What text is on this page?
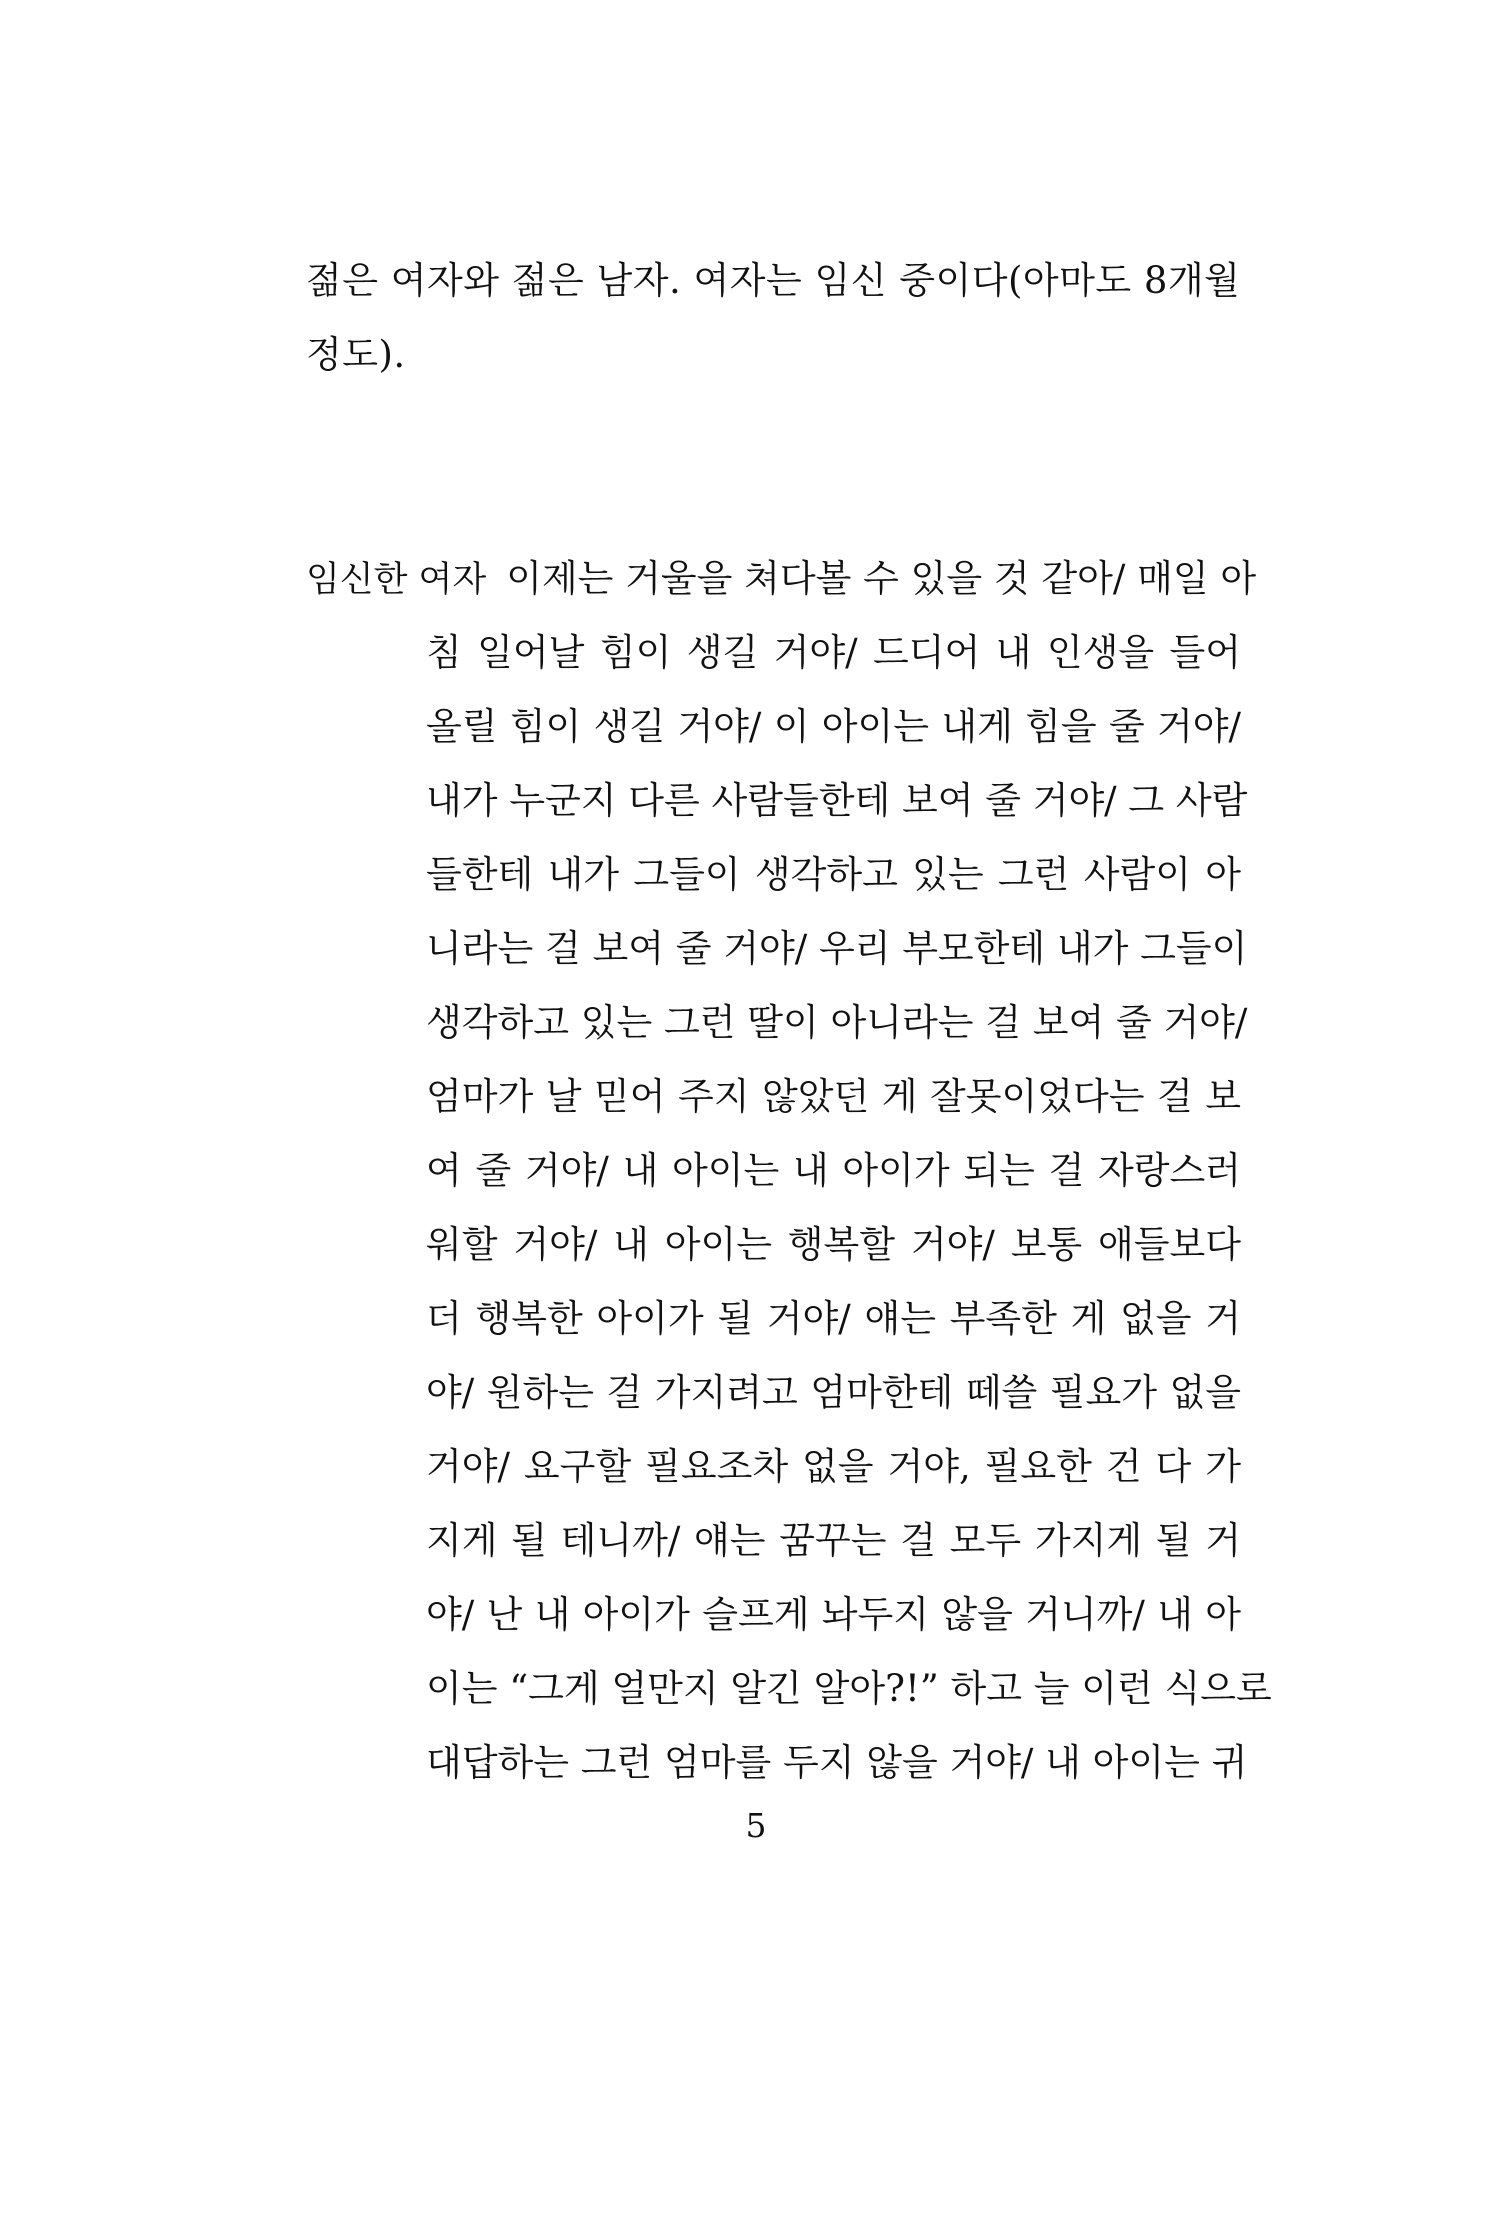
젊은 여자와 젊은 남자. 여자는 임신 중이다(아마도 8개월
정도).
임신한 여자 이제는 거울을 쳐다볼 수 있을 것 같아/ 매일 아
침 일어날 힘이 생길 거야/ 드디어 내 인생을 들어
올릴 힘이 생길 거야/ 이 아이는 내게 힘을 줄 거야/
내가 누군지 다른 사람들한테 보여 줄 거야/ 그 사람
들한테 내가 그들이 생각하고 있는 그런 사람이 아
니라는 걸 보여 줄 거야/ 우리 부모한테 내가 그들이
생각하고 있는 그런 딸이 아니라는 걸 보여 줄 거야/
엄마가 날 믿어 주지 않았던 게 잘못이었다는 걸 보
여 줄 거야/ 내 아이는 내 아이가 되는 걸 자랑스러
워할 거야/ 내 아이는 행복할 거야/ 보통 애들보다
더 행복한 아이가 될 거야/ 얘는 부족한 게 없을 거
야/ 원하는 걸 가지려고 엄마한테 떼쓸 필요가 없을
거야/ 요구할 필요조차 없을 거야, 필요한 건 다 가
지게 될 테니까/ 얘는 꿈꾸는 걸 모두 가지게 될 거
야/ 난 내 아이가 슬프게 놔두지 않을 거니까/ 내 아
이는 “그게 얼만지 알긴 알아?!” 하고 늘 이런 식으로
대답하는 그런 엄마를 두지 않을 거야/ 내 아이는 귀

5
